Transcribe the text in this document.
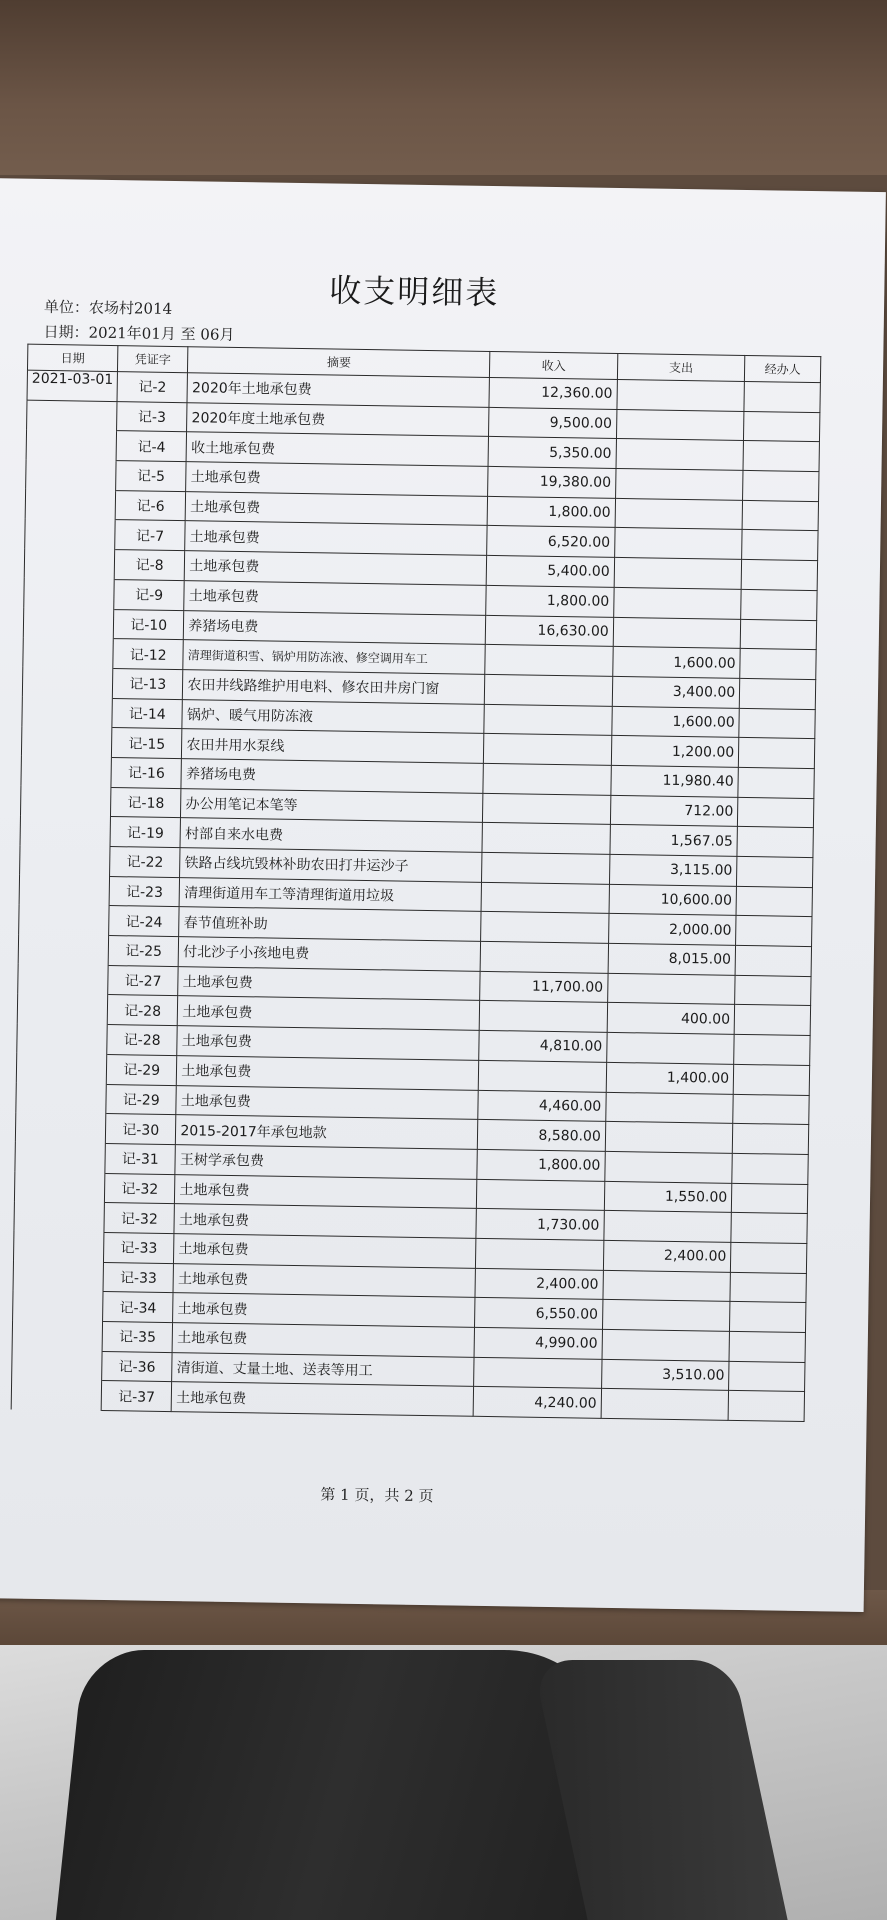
收支明细表
单位：农场村2014
日期：2021年01月 至 06月
日期	凭证字	摘要	收入	支出	经办人
2021-03-01	记-2	2020年土地承包费	12,360.00		
	记-3	2020年度土地承包费	9,500.00		
	记-4	收土地承包费	5,350.00		
	记-5	土地承包费	19,380.00		
	记-6	土地承包费	1,800.00		
	记-7	土地承包费	6,520.00		
	记-8	土地承包费	5,400.00		
	记-9	土地承包费	1,800.00		
	记-10	养猪场电费	16,630.00		
	记-12	清理街道积雪、锅炉用防冻液、修空调用车工		1,600.00	
	记-13	农田井线路维护用电料、修农田井房门窗		3,400.00	
	记-14	锅炉、暖气用防冻液		1,600.00	
	记-15	农田井用水泵线		1,200.00	
	记-16	养猪场电费		11,980.40	
	记-18	办公用笔记本笔等		712.00	
	记-19	村部自来水电费		1,567.05	
	记-22	铁路占线坑毁林补助农田打井运沙子		3,115.00	
	记-23	清理街道用车工等清理街道用垃圾		10,600.00	
	记-24	春节值班补助		2,000.00	
	记-25	付北沙子小孩地电费		8,015.00	
	记-27	土地承包费	11,700.00		
	记-28	土地承包费		400.00	
	记-28	土地承包费	4,810.00		
	记-29	土地承包费		1,400.00	
	记-29	土地承包费	4,460.00		
	记-30	2015-2017年承包地款	8,580.00		
	记-31	王树学承包费	1,800.00		
	记-32	土地承包费		1,550.00	
	记-32	土地承包费	1,730.00		
	记-33	土地承包费		2,400.00	
	记-33	土地承包费	2,400.00		
	记-34	土地承包费	6,550.00		
	记-35	土地承包费	4,990.00		
	记-36	清街道、丈量土地、送表等用工		3,510.00	
	记-37	土地承包费	4,240.00		
第 1 页，共 2 页
